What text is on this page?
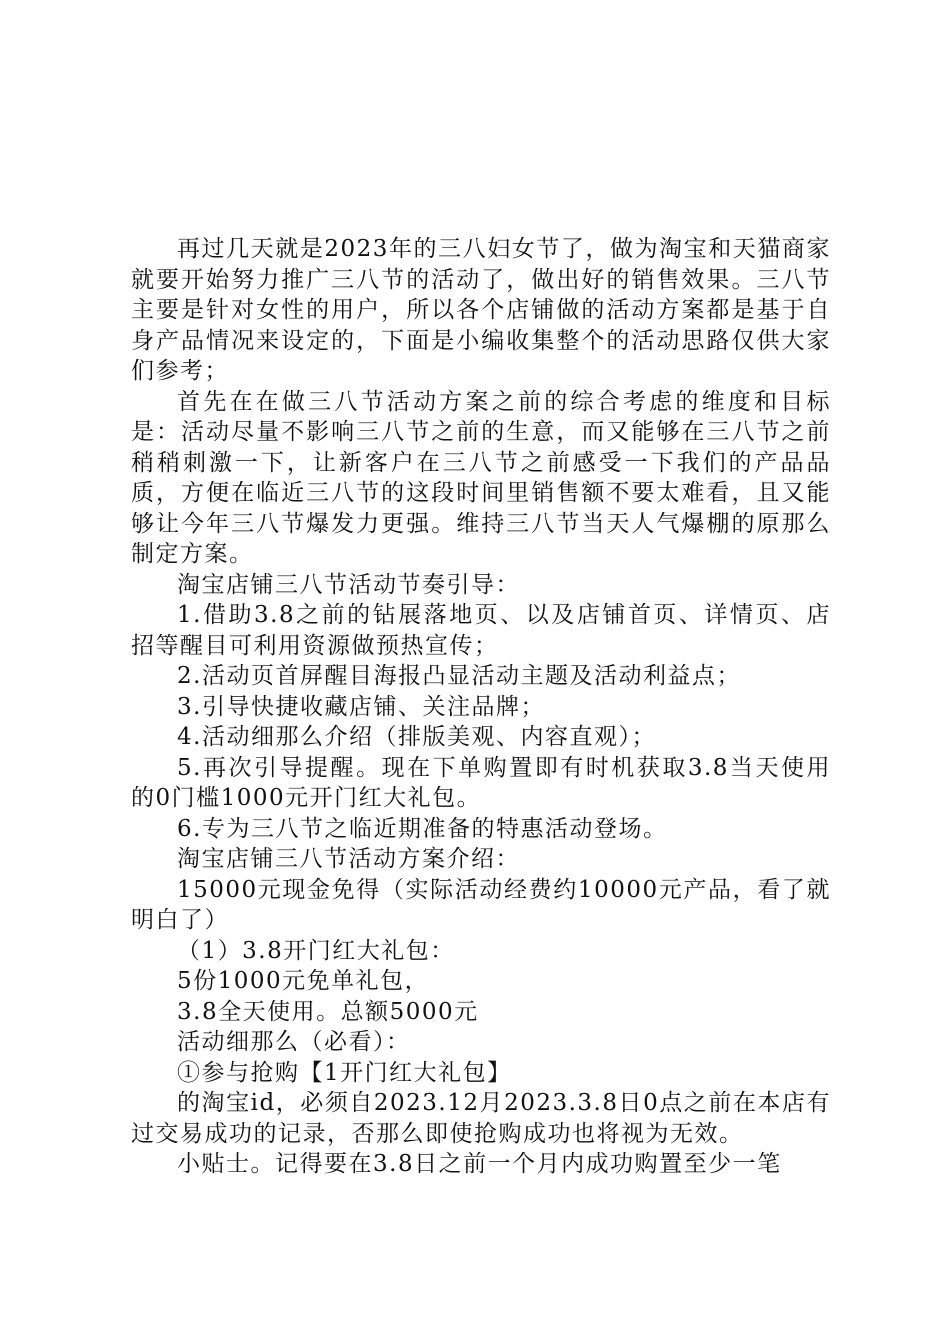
再过几天就是2023年的三八妇女节了，做为淘宝和天猫商家就要开始努力推广三八节的活动了，做出好的销售效果。三八节主要是针对女性的用户，所以各个店铺做的活动方案都是基于自身产品情况来设定的，下面是小编收集整个的活动思路仅供大家们参考；

首先在在做三八节活动方案之前的综合考虑的维度和目标是：活动尽量不影响三八节之前的生意，而又能够在三八节之前稍稍刺激一下，让新客户在三八节之前感受一下我们的产品品质，方便在临近三八节的这段时间里销售额不要太难看，且又能够让今年三八节爆发力更强。维持三八节当天人气爆棚的原那么制定方案。

淘宝店铺三八节活动节奏引导：

1.借助3.8之前的钻展落地页、以及店铺首页、详情页、店招等醒目可利用资源做预热宣传；

2.活动页首屏醒目海报凸显活动主题及活动利益点；

3.引导快捷收藏店铺、关注品牌；

4.活动细那么介绍（排版美观、内容直观）；

5.再次引导提醒。现在下单购置即有时机获取3.8当天使用的0门槛1000元开门红大礼包。

6.专为三八节之临近期准备的特惠活动登场。

淘宝店铺三八节活动方案介绍：

15000元现金免得（实际活动经费约10000元产品，看了就明白了）

（1）3.8开门红大礼包：

5份1000元免单礼包，

3.8全天使用。总额5000元

活动细那么（必看）：

①参与抢购【1开门红大礼包】

的淘宝id，必须自2023.12月2023.3.8日0点之前在本店有过交易成功的记录，否那么即使抢购成功也将视为无效。

小贴士。记得要在3.8日之前一个月内成功购置至少一笔
